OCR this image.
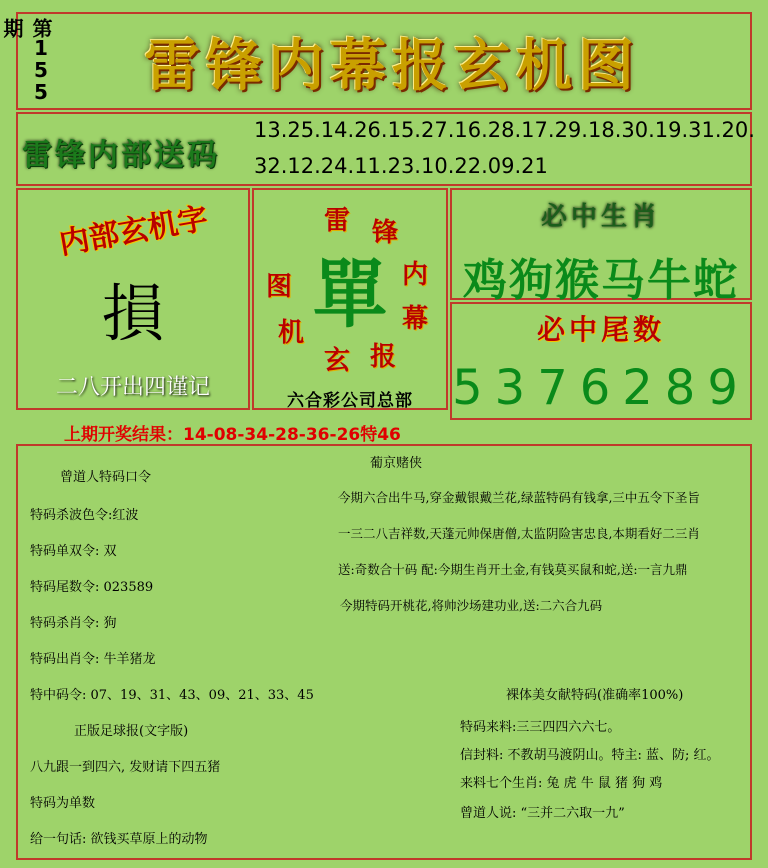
第155期
雷锋内幕报玄机图
雷锋内部送码
13.25.14.26.15.27.16.28.17.29.18.30.19.31.20.
32.12.24.11.23.10.22.09.21
内部玄机字
損
二八开出四谨记
雷 锋
内
幕
报
玄
机
图 單
六合彩公司总部
必中生肖
鸡狗猴马牛蛇
必中尾数
5376289
上期开奖结果：14-08-34-28-36-26特46
曾道人特码口令
特码杀波色令:红波
特码单双令: 双
特码尾数令: 023589
特码杀肖令: 狗
特码出肖令: 牛羊猪龙
特中码令: 07、19、31、43、09、21、33、45
正版足球报(文字版)
八九跟一到四六, 发财请下四五猪
特码为单数
给一句话: 欲钱买草原上的动物
葡京赌侠
今期六合出牛马,穿金戴银戴兰花,绿蓝特码有钱拿,三中五令下圣旨
一三二八吉祥数,天蓬元帅保唐僧,太监阴险害忠良,本期看好二三肖
送:奇数合十码 配:今期生肖开土金,有钱莫买鼠和蛇,送:一言九鼎
今期特码开桃花,将帅沙场建功业,送:二六合九码
裸体美女献特码(准确率100%)
特码来料:三三四四六六七。
信封料: 不教胡马渡阴山。特主: 蓝、防; 红。
来料七个生肖: 兔 虎 牛 鼠 猪 狗 鸡
曾道人说: “三并二六取一九”
